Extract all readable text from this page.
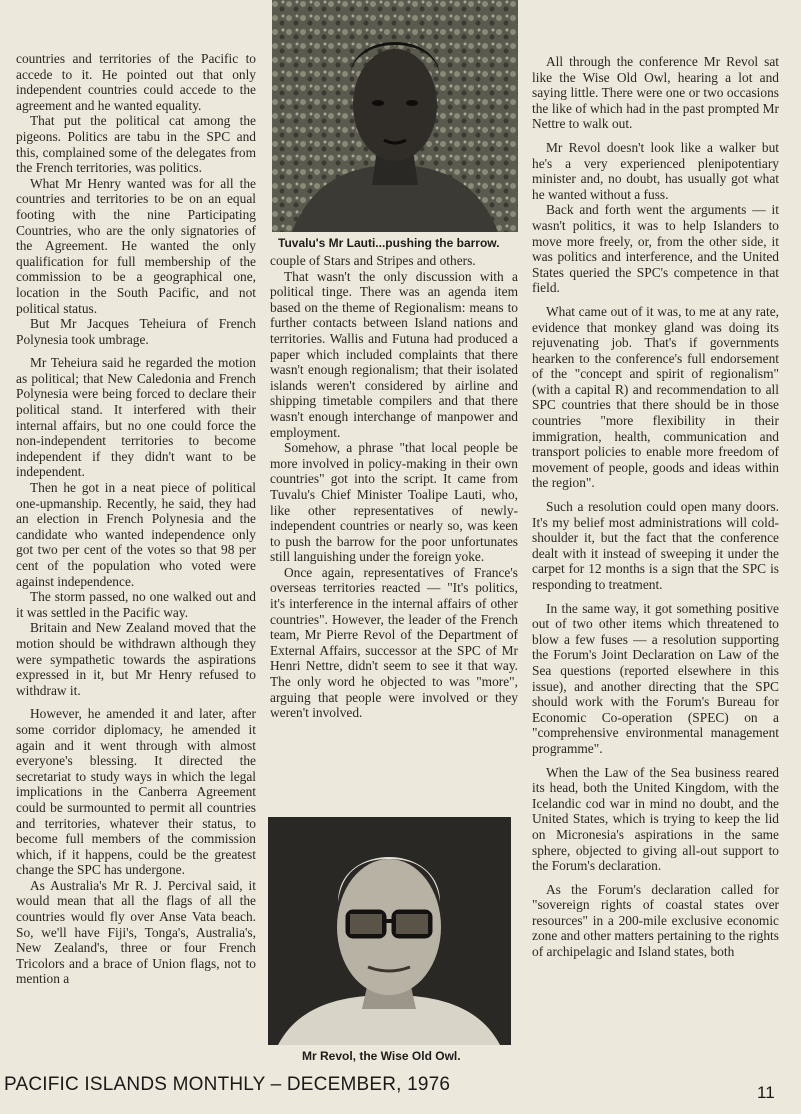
countries and territories of the Pacific to accede to it. He pointed out that only independent countries could accede to the agreement and he wanted equality.

That put the political cat among the pigeons. Politics are tabu in the SPC and this, complained some of the delegates from the French territories, was politics.

What Mr Henry wanted was for all the countries and territories to be on an equal footing with the nine Participating Countries, who are the only signatories of the Agreement. He wanted the only qualification for full membership of the commission to be a geographical one, location in the South Pacific, and not political status.

But Mr Jacques Teheiura of French Polynesia took umbrage.

Mr Teheiura said he regarded the motion as political; that New Caledonia and French Polynesia were being forced to declare their political stand. It interfered with their internal affairs, but no one could force the non-independent territories to become independent if they didn't want to be independent.

Then he got in a neat piece of political one-upmanship. Recently, he said, they had an election in French Polynesia and the candidate who wanted independence only got two per cent of the votes so that 98 per cent of the population who voted were against independence.

The storm passed, no one walked out and it was settled in the Pacific way.

Britain and New Zealand moved that the motion should be withdrawn although they were sympathetic towards the aspirations expressed in it, but Mr Henry refused to withdraw it.

However, he amended it and later, after some corridor diplomacy, he amended it again and it went through with almost everyone's blessing. It directed the secretariat to study ways in which the legal implications in the Canberra Agreement could be surmounted to permit all countries and territories, whatever their status, to become full members of the commission which, if it happens, could be the greatest change the SPC has undergone.

As Australia's Mr R. J. Percival said, it would mean that all the flags of all the countries would fly over Anse Vata beach. So, we'll have Fiji's, Tonga's, Australia's, New Zealand's, three or four French Tricolors and a brace of Union flags, not to mention a

Tuvalu's Mr Lauti...pushing the barrow.

couple of Stars and Stripes and others.

That wasn't the only discussion with a political tinge. There was an agenda item based on the theme of Regionalism: means to further contacts between Island nations and territories. Wallis and Futuna had produced a paper which included complaints that there wasn't enough regionalism; that their isolated islands weren't considered by airline and shipping timetable compilers and that there wasn't enough interchange of manpower and employment.

Somehow, a phrase "that local people be more involved in policy-making in their own countries" got into the script. It came from Tuvalu's Chief Minister Toalipe Lauti, who, like other representatives of newly-independent countries or nearly so, was keen to push the barrow for the poor unfortunates still languishing under the foreign yoke.

Once again, representatives of France's overseas territories reacted — "It's politics, it's interference in the internal affairs of other countries". However, the leader of the French team, Mr Pierre Revol of the Department of External Affairs, successor at the SPC of Mr Henri Nettre, didn't seem to see it that way. The only word he objected to was "more", arguing that people were involved or they weren't involved.

Mr Revol, the Wise Old Owl.

All through the conference Mr Revol sat like the Wise Old Owl, hearing a lot and saying little. There were one or two occasions the like of which had in the past prompted Mr Nettre to walk out.

Mr Revol doesn't look like a walker but he's a very experienced plenipotentiary minister and, no doubt, has usually got what he wanted without a fuss.

Back and forth went the arguments — it wasn't politics, it was to help Islanders to move more freely, or, from the other side, it was politics and interference, and the United States queried the SPC's competence in that field.

What came out of it was, to me at any rate, evidence that monkey gland was doing its rejuvenating job. That's if governments hearken to the conference's full endorsement of the "concept and spirit of regionalism" (with a capital R) and recommendation to all SPC countries that there should be in those countries "more flexibility in their immigration, health, communication and transport policies to enable more freedom of movement of people, goods and ideas within the region".

Such a resolution could open many doors. It's my belief most administrations will cold-shoulder it, but the fact that the conference dealt with it instead of sweeping it under the carpet for 12 months is a sign that the SPC is responding to treatment.

In the same way, it got something positive out of two other items which threatened to blow a few fuses — a resolution supporting the Forum's Joint Declaration on Law of the Sea questions (reported elsewhere in this issue), and another directing that the SPC should work with the Forum's Bureau for Economic Co-operation (SPEC) on a "comprehensive environmental management programme".

When the Law of the Sea business reared its head, both the United Kingdom, with the Icelandic cod war in mind no doubt, and the United States, which is trying to keep the lid on Micronesia's aspirations in the same sphere, objected to giving all-out support to the Forum's declaration.

As the Forum's declaration called for "sovereign rights of coastal states over resources" in a 200-mile exclusive economic zone and other matters pertaining to the rights of archipelagic and Island states, both

PACIFIC ISLANDS MONTHLY – DECEMBER, 1976	11
